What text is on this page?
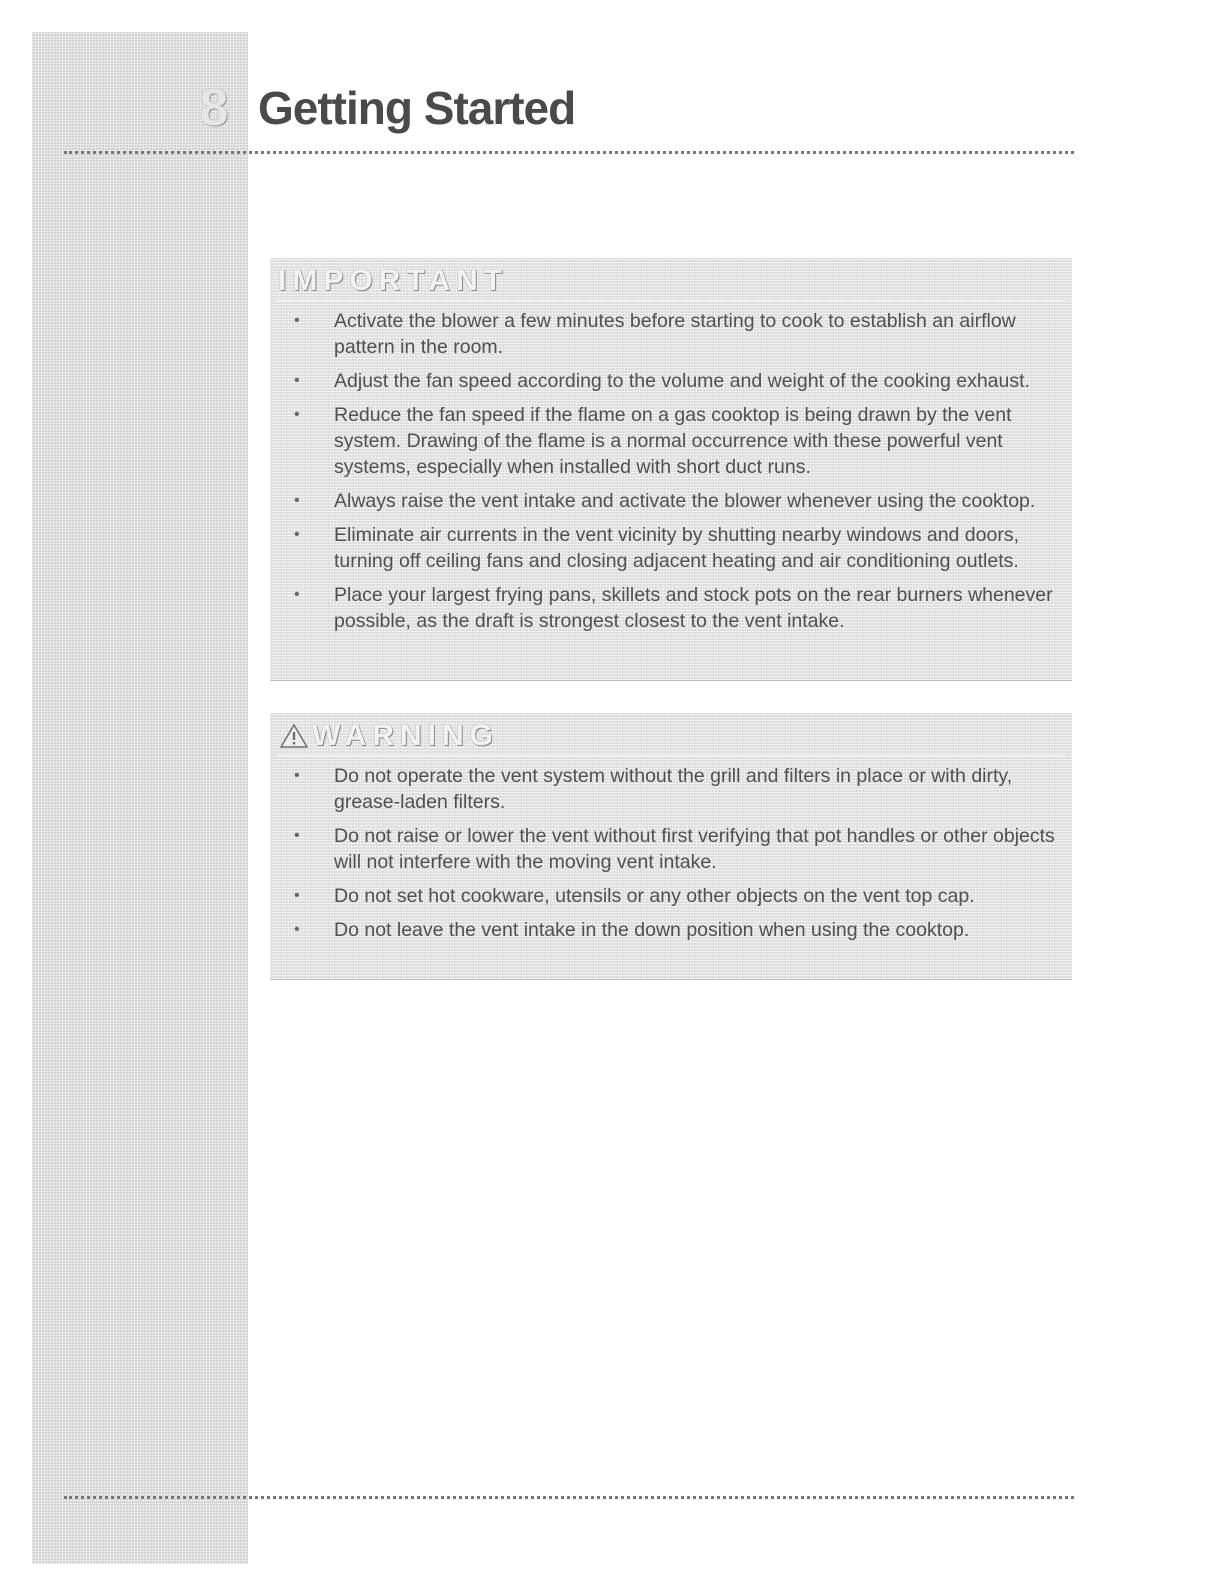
8 Getting Started
IMPORTANT
• Activate the blower a few minutes before starting to cook to establish an airflow pattern in the room.
• Adjust the fan speed according to the volume and weight of the cooking exhaust.
• Reduce the fan speed if the flame on a gas cooktop is being drawn by the vent system. Drawing of the flame is a normal occurrence with these powerful vent systems, especially when installed with short duct runs.
• Always raise the vent intake and activate the blower whenever using the cooktop.
• Eliminate air currents in the vent vicinity by shutting nearby windows and doors, turning off ceiling fans and closing adjacent heating and air conditioning outlets.
• Place your largest frying pans, skillets and stock pots on the rear burners whenever possible, as the draft is strongest closest to the vent intake.
WARNING
• Do not operate the vent system without the grill and filters in place or with dirty, grease-laden filters.
• Do not raise or lower the vent without first verifying that pot handles or other objects will not interfere with the moving vent intake.
• Do not set hot cookware, utensils or any other objects on the vent top cap.
• Do not leave the vent intake in the down position when using the cooktop.
